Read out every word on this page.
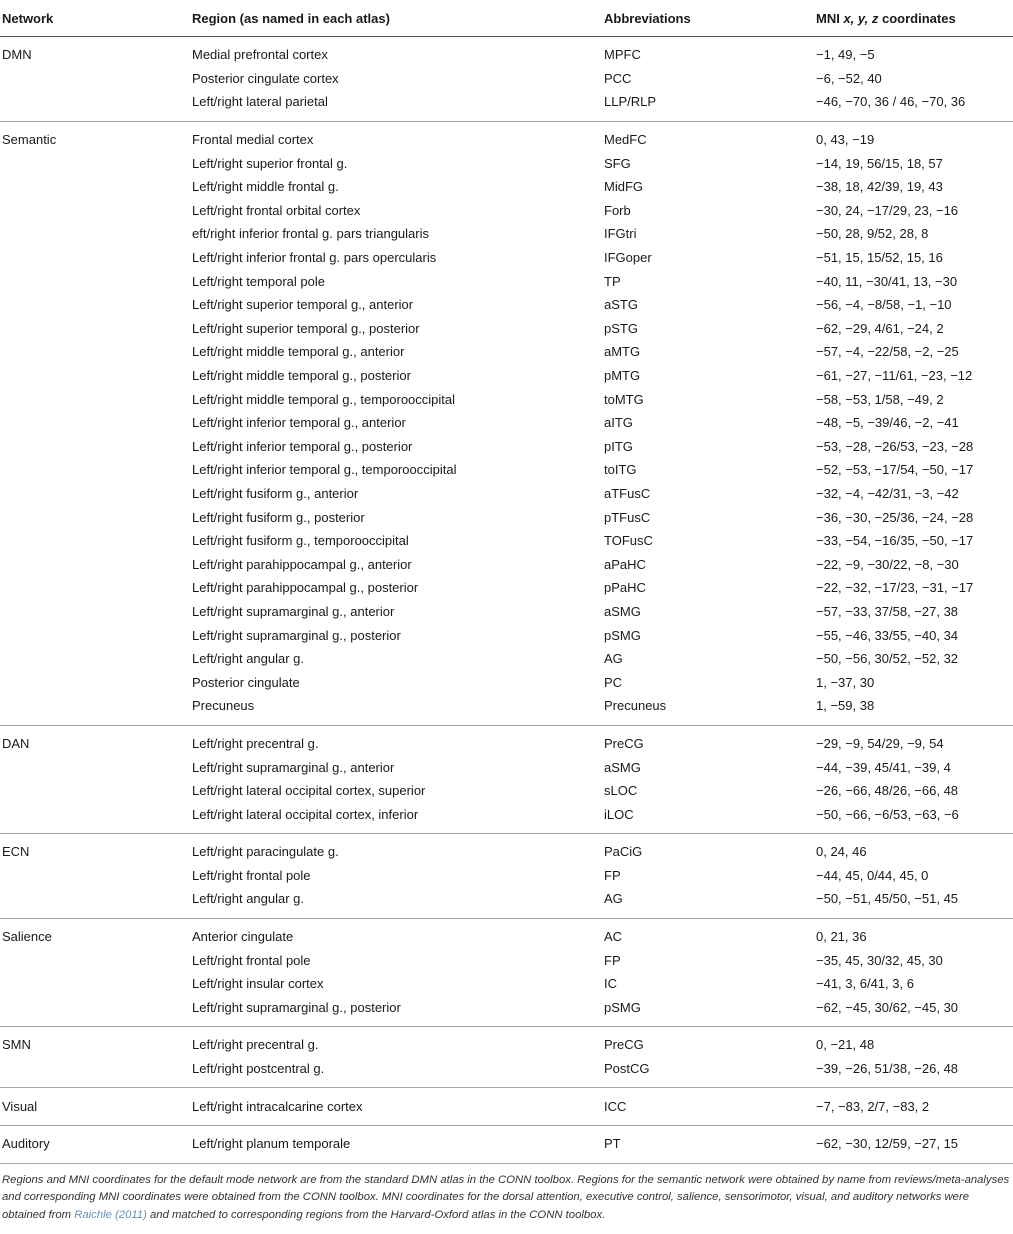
Network	Region (as named in each atlas)	Abbreviations	MNI x, y, z coordinates
DMN	Medial prefrontal cortex	MPFC	−1, 49, −5
	Posterior cingulate cortex	PCC	−6, −52, 40
	Left/right lateral parietal	LLP/RLP	−46, −70, 36 / 46, −70, 36
Semantic	Frontal medial cortex	MedFC	0, 43, −19
	Left/right superior frontal g.	SFG	−14, 19, 56/15, 18, 57
	Left/right middle frontal g.	MidFG	−38, 18, 42/39, 19, 43
	Left/right frontal orbital cortex	Forb	−30, 24, −17/29, 23, −16
	eft/right inferior frontal g. pars triangularis	IFGtri	−50, 28, 9/52, 28, 8
	Left/right inferior frontal g. pars opercularis	IFGoper	−51, 15, 15/52, 15, 16
	Left/right temporal pole	TP	−40, 11, −30/41, 13, −30
	Left/right superior temporal g., anterior	aSTG	−56, −4, −8/58, −1, −10
	Left/right superior temporal g., posterior	pSTG	−62, −29, 4/61, −24, 2
	Left/right middle temporal g., anterior	aMTG	−57, −4, −22/58, −2, −25
	Left/right middle temporal g., posterior	pMTG	−61, −27, −11/61, −23, −12
	Left/right middle temporal g., temporooccipital	toMTG	−58, −53, 1/58, −49, 2
	Left/right inferior temporal g., anterior	aITG	−48, −5, −39/46, −2, −41
	Left/right inferior temporal g., posterior	pITG	−53, −28, −26/53, −23, −28
	Left/right inferior temporal g., temporooccipital	toITG	−52, −53, −17/54, −50, −17
	Left/right fusiform g., anterior	aTFusC	−32, −4, −42/31, −3, −42
	Left/right fusiform g., posterior	pTFusC	−36, −30, −25/36, −24, −28
	Left/right fusiform g., temporooccipital	TOFusC	−33, −54, −16/35, −50, −17
	Left/right parahippocampal g., anterior	aPaHC	−22, −9, −30/22, −8, −30
	Left/right parahippocampal g., posterior	pPaHC	−22, −32, −17/23, −31, −17
	Left/right supramarginal g., anterior	aSMG	−57, −33, 37/58, −27, 38
	Left/right supramarginal g., posterior	pSMG	−55, −46, 33/55, −40, 34
	Left/right angular g.	AG	−50, −56, 30/52, −52, 32
	Posterior cingulate	PC	1, −37, 30
	Precuneus	Precuneus	1, −59, 38
DAN	Left/right precentral g.	PreCG	−29, −9, 54/29, −9, 54
	Left/right supramarginal g., anterior	aSMG	−44, −39, 45/41, −39, 4
	Left/right lateral occipital cortex, superior	sLOC	−26, −66, 48/26, −66, 48
	Left/right lateral occipital cortex, inferior	iLOC	−50, −66, −6/53, −63, −6
ECN	Left/right paracingulate g.	PaCiG	0, 24, 46
	Left/right frontal pole	FP	−44, 45, 0/44, 45, 0
	Left/right angular g.	AG	−50, −51, 45/50, −51, 45
Salience	Anterior cingulate	AC	0, 21, 36
	Left/right frontal pole	FP	−35, 45, 30/32, 45, 30
	Left/right insular cortex	IC	−41, 3, 6/41, 3, 6
	Left/right supramarginal g., posterior	pSMG	−62, −45, 30/62, −45, 30
SMN	Left/right precentral g.	PreCG	0, −21, 48
	Left/right postcentral g.	PostCG	−39, −26, 51/38, −26, 48
Visual	Left/right intracalcarine cortex	ICC	−7, −83, 2/7, −83, 2
Auditory	Left/right planum temporale	PT	−62, −30, 12/59, −27, 15

Regions and MNI coordinates for the default mode network are from the standard DMN atlas in the CONN toolbox. Regions for the semantic network were obtained by name from reviews/meta-analyses and corresponding MNI coordinates were obtained from the CONN toolbox. MNI coordinates for the dorsal attention, executive control, salience, sensorimotor, visual, and auditory networks were obtained from Raichle (2011) and matched to corresponding regions from the Harvard-Oxford atlas in the CONN toolbox.
